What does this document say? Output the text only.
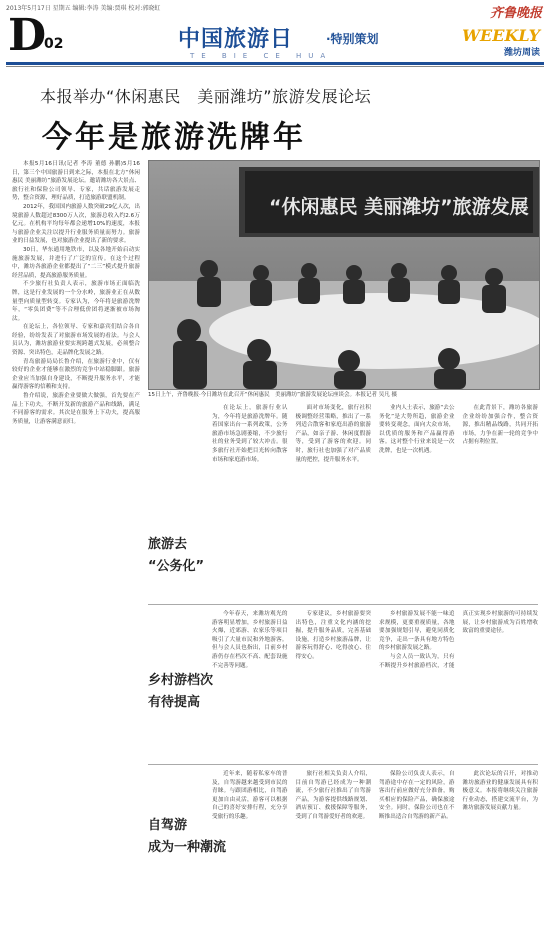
2013年5月17日 星期五 编辑:李涛 美编:贾琪 校对:郭晓虹	齐鲁晚报
D
02	中国旅游日	·特别策划
TE BIE CE HUA
WEEKLY
潍坊周读
本报举办“休闲惠民　美丽潍坊”旅游发展论坛
今年是旅游洗牌年

本报5月16日讯(记者 李涛 董德 孙鹏)5月16日，第三个中国旅游日到来之际，本报在北方“休闲惠民 美丽潍坊”旅游发展论坛。邀请潍坊各大景点、旅行社和保险公司领导、专家，共话旅游发展走势，整合资源，理好品质，打造旅游联盟机制。

2012年，我国国内旅游人数突破29亿人次，出境旅游人数超过8300万人次，旅游总收入约2.6万亿元。在机构平均每年都会递增10%的速度，本报与旅游企业关注以提升行业服务质量而努力。旅游业的日益发展，也对旅游企业提出了新的要求。

30日，华东通用地铁市，以及各地开始启动实施旅游发展，并进行了广泛的宣传。在这个过程中，潍坊各旅游企业都提出了“二三”模式提升旅游经营品质，提高旅游服务质量。

不少旅行社负责人表示，旅游市场正面临洗牌，这是行业发展的一个分水岭，旅游业正在从数量型向质量型转变。专家认为，今年将是旅游洗牌年，“零负团费”等不合理低价团将逐渐被市场淘汰。

在论坛上，各位领导、专家和嘉宾们结合各自经验，纷纷发表了对旅游市场发展的看法。与会人员认为，潍坊旅游业要实现跨越式发展，必须整合资源、突出特色，走品牌化发展之路。

青岛旅游局局长鲁介绍，在旅游行业中，仅有较好的企业才能够在激烈的竞争中站稳脚跟。旅游企业应当加强自身建设，不断提升服务水平，才能赢得游客的信赖和支持。

鲁介绍说，旅游企业要做大做强，首先要在产品上下功夫，不断开发新的旅游产品和线路，满足不同游客的需求。其次是在服务上下功夫，提高服务质量，让游客满意而归。

“休闲惠民 美丽潍坊”旅游发展
15日上午，齐鲁晚报·今日潍坊在此召开“休闲惠民　美丽潍坊”旅游发展论坛座谈会。本报记者 吴凡 摄
旅游去
“公务化”

在论坛上，旅游行业认为，今年将是旅游洗牌年。随着国家出台一系列政策，公务旅游市场急剧萎缩，不少旅行社的业务受到了较大冲击。很多旅行社开始把目光转向散客市场和家庭游市场。

面对市场变化，旅行社积极调整经营策略，推出了一系列适合散客和家庭出游的旅游产品，如亲子游、休闲度假游等，受到了游客的欢迎。同时，旅行社也加强了对产品质量的把控，提升服务水平。

业内人士表示，旅游“去公务化”是大势所趋，旅游企业要转变观念，面向大众市场，以优质的服务和产品赢得游客。这对整个行业来说是一次洗牌，也是一次机遇。

在此背景下，潍坊各旅游企业纷纷加强合作，整合资源，推出精品线路，共同开拓市场，力争在新一轮的竞争中占据有利位置。

乡村游档次
有待提高

今年春天，来潍坊观光的游客明显增加，乡村旅游日益火爆，近郊游、农家乐等项目吸引了大量市民和外地游客。但与会人员也指出，目前乡村游仍存在档次不高、配套设施不完善等问题。

专家建议，乡村旅游要突出特色，注重文化内涵的挖掘，提升服务品质，完善基础设施，打造乡村旅游品牌，让游客玩得舒心、吃得放心、住得安心。

乡村旅游发展不能一味追求规模，更要重视质量，各地要加强规划引导，避免同质化竞争，走出一条具有地方特色的乡村旅游发展之路。

与会人员一致认为，只有不断提升乡村旅游档次，才能真正实现乡村旅游的可持续发展，让乡村旅游成为百姓增收致富的重要途径。

自驾游
成为一种潮流

近年来，随着私家车的普及，自驾游越来越受到市民的青睐。与跟团游相比，自驾游更加自由灵活，游客可以根据自己的喜好安排行程，充分享受旅行的乐趣。

旅行社相关负责人介绍，目前自驾游已经成为一种潮流，不少旅行社推出了自驾游产品，为游客提供线路规划、酒店预订、救援保障等服务，受到了自驾游爱好者的欢迎。

保险公司负责人表示，自驾游途中存在一定的风险，游客出行前应做好充分准备，购买相应的保险产品，确保旅途安全。同时，保险公司也在不断推出适合自驾游的新产品。

此次论坛的召开，对推动潍坊旅游业的健康发展具有积极意义。本报将继续关注旅游行业动态，搭建交流平台，为潍坊旅游发展贡献力量。
